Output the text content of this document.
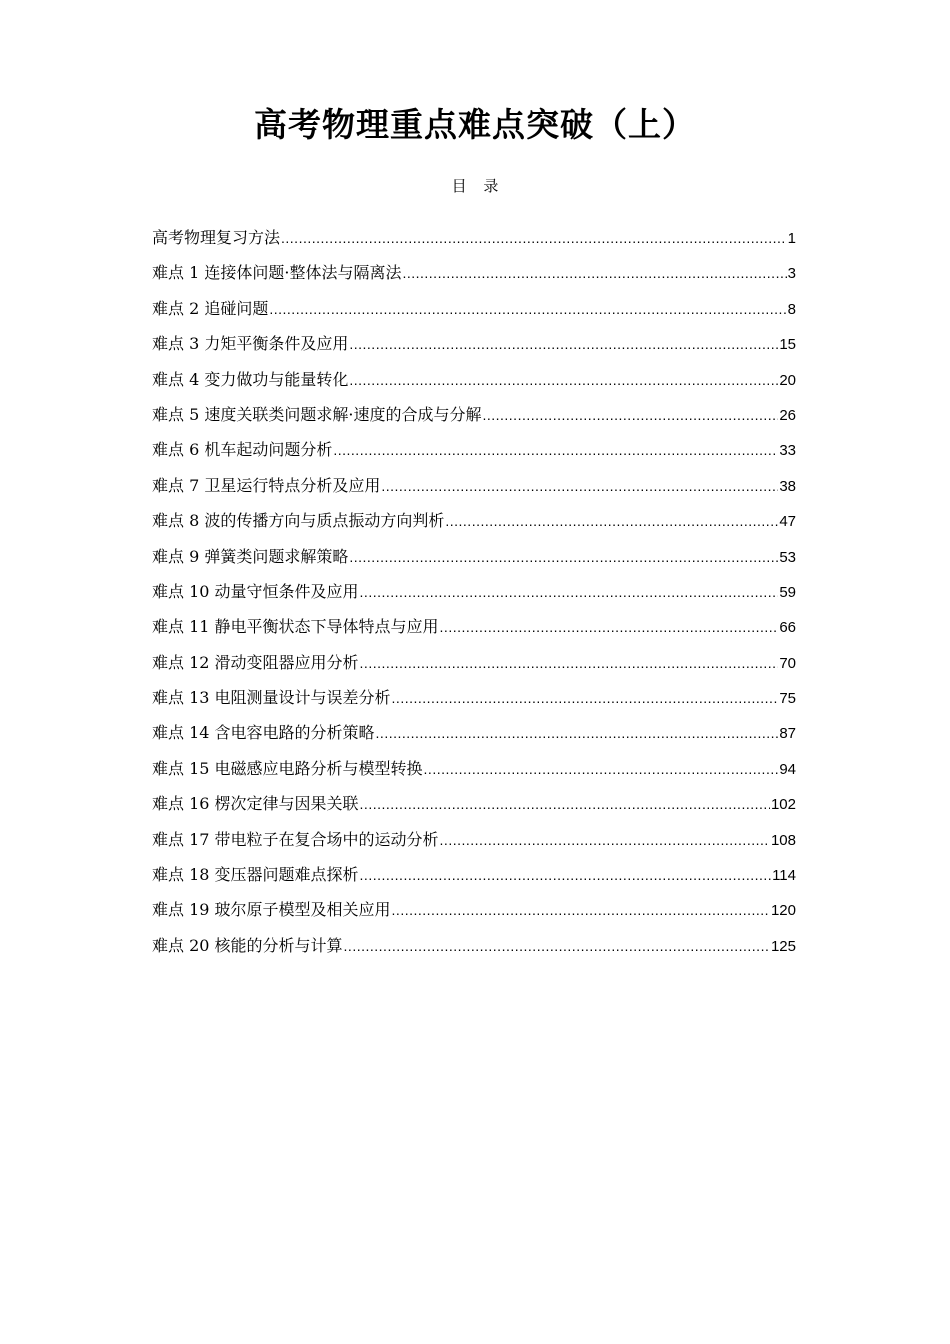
高考物理重点难点突破（上）
目 录
高考物理复习方法 .....	1
难点 1 连接体问题·整体法与隔离法 .....	3
难点 2 追碰问题 .....	8
难点 3 力矩平衡条件及应用 .....	15
难点 4 变力做功与能量转化 .....	20
难点 5 速度关联类问题求解·速度的合成与分解 .....	26
难点 6 机车起动问题分析 .....	33
难点 7 卫星运行特点分析及应用 .....	38
难点 8 波的传播方向与质点振动方向判析 .....	47
难点 9 弹簧类问题求解策略 .....	53
难点 10 动量守恒条件及应用 .....	59
难点 11 静电平衡状态下导体特点与应用 .....	66
难点 12 滑动变阻器应用分析 .....	70
难点 13 电阻测量设计与误差分析 .....	75
难点 14 含电容电路的分析策略 .....	87
难点 15 电磁感应电路分析与模型转换 .....	94
难点 16 楞次定律与因果关联 .....	102
难点 17 带电粒子在复合场中的运动分析 .....	108
难点 18 变压器问题难点探析 .....	114
难点 19 玻尔原子模型及相关应用 .....	120
难点 20 核能的分析与计算 .....	125
